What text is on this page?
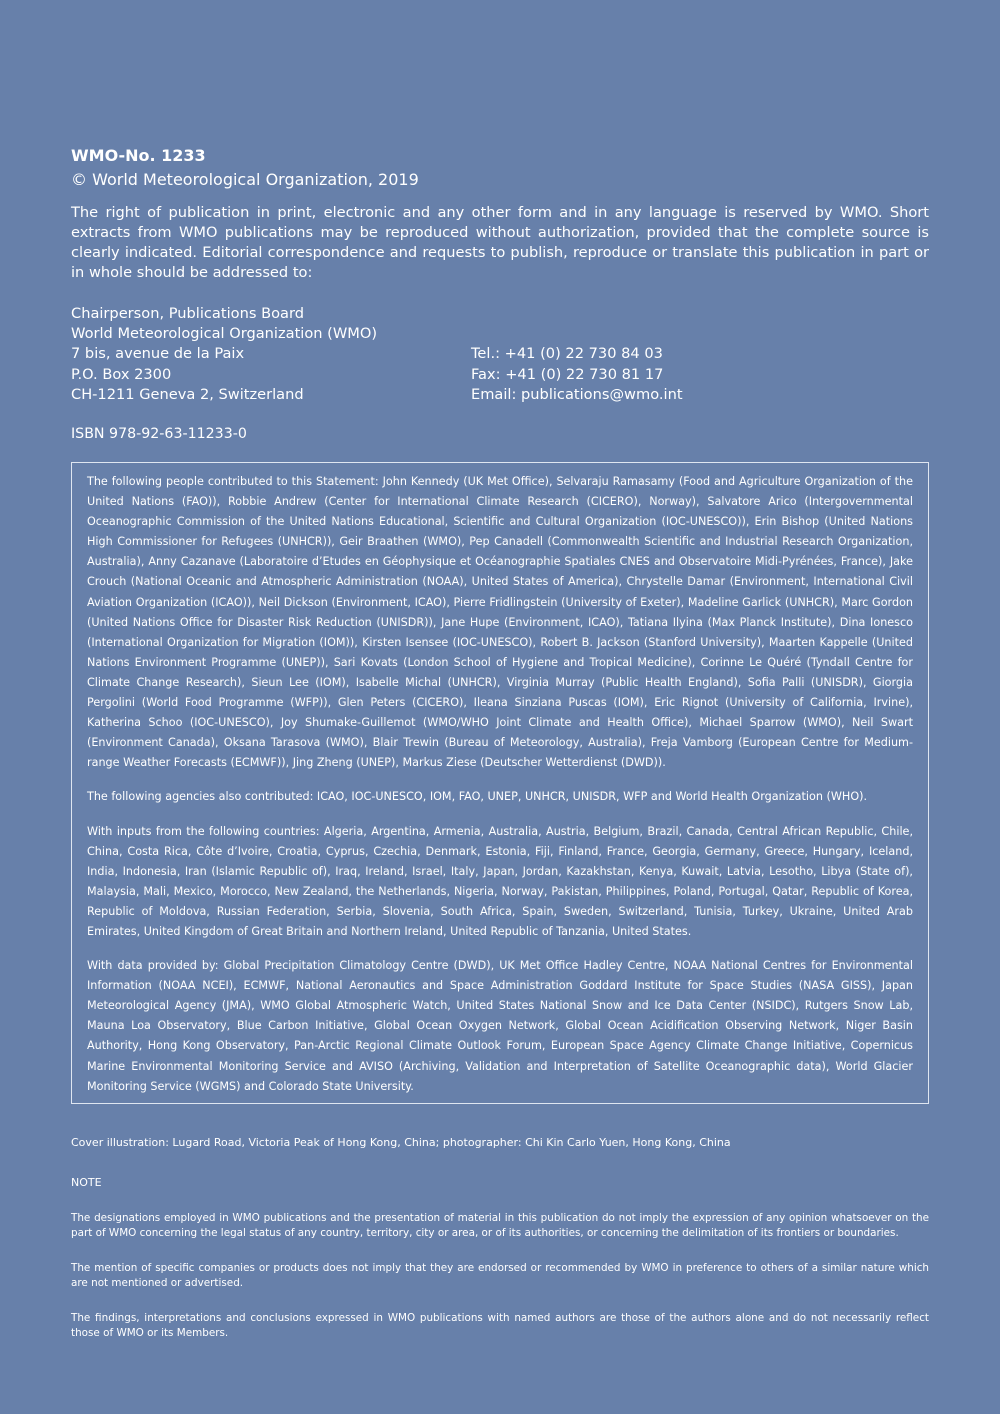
WMO-No. 1233

© World Meteorological Organization, 2019

The right of publication in print, electronic and any other form and in any language is reserved by WMO. Short extracts from WMO publications may be reproduced without authorization, provided that the complete source is clearly indicated. Editorial correspondence and requests to publish, reproduce or translate this publication in part or in whole should be addressed to:

Chairperson, Publications Board
World Meteorological Organization (WMO)
7 bis, avenue de la Paix
P.O. Box 2300
CH-1211 Geneva 2, Switzerland
Tel.: +41 (0) 22 730 84 03
Fax: +41 (0) 22 730 81 17
Email: publications@wmo.int

ISBN 978-92-63-11233-0

The following people contributed to this Statement: John Kennedy (UK Met Office), Selvaraju Ramasamy (Food and Agriculture Organization of the United Nations (FAO)), Robbie Andrew (Center for International Climate Research (CICERO), Norway), Salvatore Arico (Intergovernmental Oceanographic Commission of the United Nations Educational, Scientific and Cultural Organization (IOC-UNESCO)), Erin Bishop (United Nations High Commissioner for Refugees (UNHCR)), Geir Braathen (WMO), Pep Canadell (Commonwealth Scientific and Industrial Research Organization, Australia), Anny Cazanave (Laboratoire d’Etudes en Géophysique et Océanographie Spatiales CNES and Observatoire Midi-Pyrénées, France), Jake Crouch (National Oceanic and Atmospheric Administration (NOAA), United States of America), Chrystelle Damar (Environment, International Civil Aviation Organization (ICAO)), Neil Dickson (Environment, ICAO), Pierre Fridlingstein (University of Exeter), Madeline Garlick (UNHCR), Marc Gordon (United Nations Office for Disaster Risk Reduction (UNISDR)), Jane Hupe (Environment, ICAO), Tatiana Ilyina (Max Planck Institute), Dina Ionesco (International Organization for Migration (IOM)), Kirsten Isensee (IOC-UNESCO), Robert B. Jackson (Stanford University), Maarten Kappelle (United Nations Environment Programme (UNEP)), Sari Kovats (London School of Hygiene and Tropical Medicine), Corinne Le Quéré (Tyndall Centre for Climate Change Research), Sieun Lee (IOM), Isabelle Michal (UNHCR), Virginia Murray (Public Health England), Sofia Palli (UNISDR), Giorgia Pergolini (World Food Programme (WFP)), Glen Peters (CICERO), Ileana Sinziana Puscas (IOM), Eric Rignot (University of California, Irvine), Katherina Schoo (IOC-UNESCO), Joy Shumake-Guillemot (WMO/WHO Joint Climate and Health Office), Michael Sparrow (WMO), Neil Swart (Environment Canada), Oksana Tarasova (WMO), Blair Trewin (Bureau of Meteorology, Australia), Freja Vamborg (European Centre for Medium-range Weather Forecasts (ECMWF)), Jing Zheng (UNEP), Markus Ziese (Deutscher Wetterdienst (DWD)).

The following agencies also contributed: ICAO, IOC-UNESCO, IOM, FAO, UNEP, UNHCR, UNISDR, WFP and World Health Organization (WHO).

With inputs from the following countries: Algeria, Argentina, Armenia, Australia, Austria, Belgium, Brazil, Canada, Central African Republic, Chile, China, Costa Rica, Côte d’Ivoire, Croatia, Cyprus, Czechia, Denmark, Estonia, Fiji, Finland, France, Georgia, Germany, Greece, Hungary, Iceland, India, Indonesia, Iran (Islamic Republic of), Iraq, Ireland, Israel, Italy, Japan, Jordan, Kazakhstan, Kenya, Kuwait, Latvia, Lesotho, Libya (State of), Malaysia, Mali, Mexico, Morocco, New Zealand, the Netherlands, Nigeria, Norway, Pakistan, Philippines, Poland, Portugal, Qatar, Republic of Korea, Republic of Moldova, Russian Federation, Serbia, Slovenia, South Africa, Spain, Sweden, Switzerland, Tunisia, Turkey, Ukraine, United Arab Emirates, United Kingdom of Great Britain and Northern Ireland, United Republic of Tanzania, United States.

With data provided by: Global Precipitation Climatology Centre (DWD), UK Met Office Hadley Centre, NOAA National Centres for Environmental Information (NOAA NCEI), ECMWF, National Aeronautics and Space Administration Goddard Institute for Space Studies (NASA GISS), Japan Meteorological Agency (JMA), WMO Global Atmospheric Watch, United States National Snow and Ice Data Center (NSIDC), Rutgers Snow Lab, Mauna Loa Observatory, Blue Carbon Initiative, Global Ocean Oxygen Network, Global Ocean Acidification Observing Network, Niger Basin Authority, Hong Kong Observatory, Pan-Arctic Regional Climate Outlook Forum, European Space Agency Climate Change Initiative, Copernicus Marine Environmental Monitoring Service and AVISO (Archiving, Validation and Interpretation of Satellite Oceanographic data), World Glacier Monitoring Service (WGMS) and Colorado State University.

Cover illustration: Lugard Road, Victoria Peak of Hong Kong, China; photographer: Chi Kin Carlo Yuen, Hong Kong, China

NOTE

The designations employed in WMO publications and the presentation of material in this publication do not imply the expression of any opinion whatsoever on the part of WMO concerning the legal status of any country, territory, city or area, or of its authorities, or concerning the delimitation of its frontiers or boundaries.

The mention of specific companies or products does not imply that they are endorsed or recommended by WMO in preference to others of a similar nature which are not mentioned or advertised.

The findings, interpretations and conclusions expressed in WMO publications with named authors are those of the authors alone and do not necessarily reflect those of WMO or its Members.
